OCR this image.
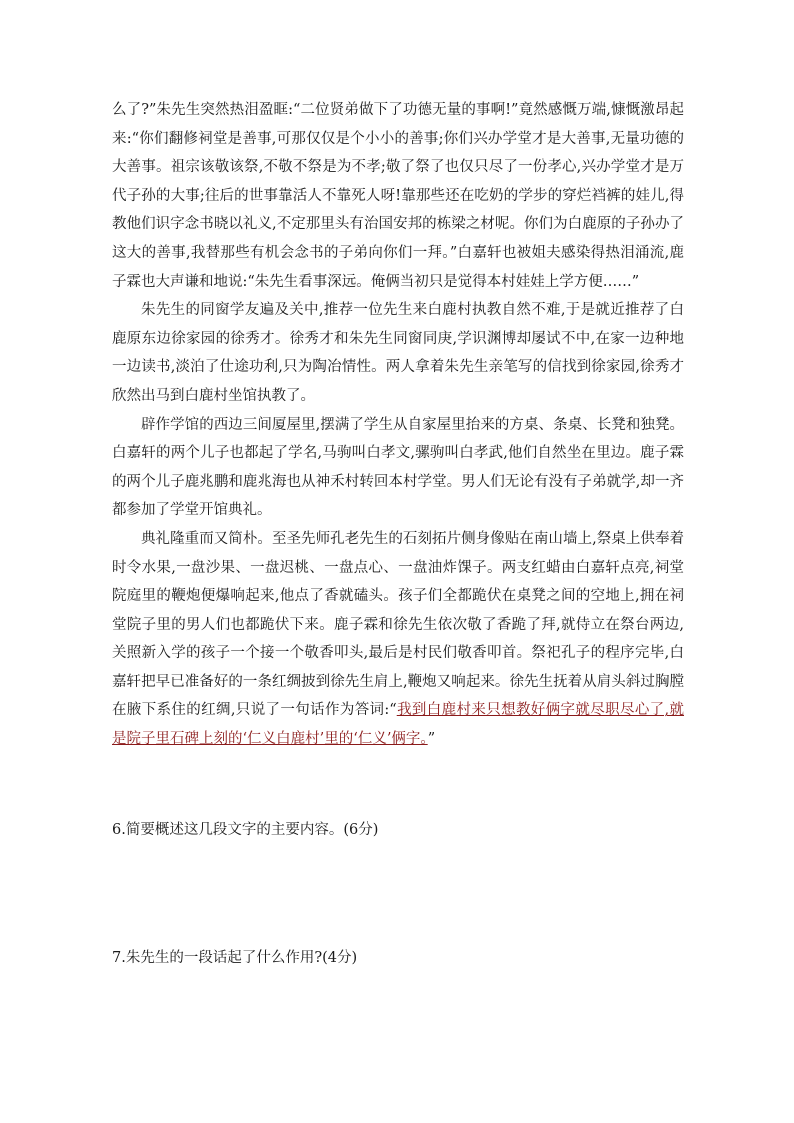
么了?”朱先生突然热泪盈眶:“二位贤弟做下了功德无量的事啊!”竟然感慨万端,慷慨激昂起来:“你们翻修祠堂是善事,可那仅仅是个小小的善事;你们兴办学堂才是大善事,无量功德的大善事。祖宗该敬该祭,不敬不祭是为不孝;敬了祭了也仅只尽了一份孝心,兴办学堂才是万代子孙的大事;往后的世事靠活人不靠死人呀!靠那些还在吃奶的学步的穿烂裆裤的娃儿,得教他们识字念书晓以礼义,不定那里头有治国安邦的栋梁之材呢。你们为白鹿原的子孙办了这大的善事,我替那些有机会念书的子弟向你们一拜。”白嘉轩也被姐夫感染得热泪涌流,鹿子霖也大声谦和地说:“朱先生看事深远。俺俩当初只是觉得本村娃娃上学方便……”

朱先生的同窗学友遍及关中,推荐一位先生来白鹿村执教自然不难,于是就近推荐了白鹿原东边徐家园的徐秀才。徐秀才和朱先生同窗同庚,学识渊博却屡试不中,在家一边种地一边读书,淡泊了仕途功利,只为陶冶情性。两人拿着朱先生亲笔写的信找到徐家园,徐秀才欣然出马到白鹿村坐馆执教了。

辟作学馆的西边三间厦屋里,摆满了学生从自家屋里抬来的方桌、条桌、长凳和独凳。白嘉轩的两个儿子也都起了学名,马驹叫白孝文,骡驹叫白孝武,他们自然坐在里边。鹿子霖的两个儿子鹿兆鹏和鹿兆海也从神禾村转回本村学堂。男人们无论有没有子弟就学,却一齐都参加了学堂开馆典礼。

典礼隆重而又简朴。至圣先师孔老先生的石刻拓片侧身像贴在南山墙上,祭桌上供奉着时令水果,一盘沙果、一盘迟桃、一盘点心、一盘油炸馃子。两支红蜡由白嘉轩点亮,祠堂院庭里的鞭炮便爆响起来,他点了香就磕头。孩子们全都跪伏在桌凳之间的空地上,拥在祠堂院子里的男人们也都跪伏下来。鹿子霖和徐先生依次敬了香跪了拜,就侍立在祭台两边,关照新入学的孩子一个接一个敬香叩头,最后是村民们敬香叩首。祭祀孔子的程序完毕,白嘉轩把早已准备好的一条红绸披到徐先生肩上,鞭炮又响起来。徐先生抚着从肩头斜过胸膛在腋下系住的红绸,只说了一句话作为答词:“我到白鹿村来只想教好俩字就尽职尽心了,就是院子里石碑上刻的‘仁义白鹿村’里的‘仁义’俩字。”

6.简要概述这几段文字的主要内容。(6分)

7.朱先生的一段话起了什么作用?(4分)
